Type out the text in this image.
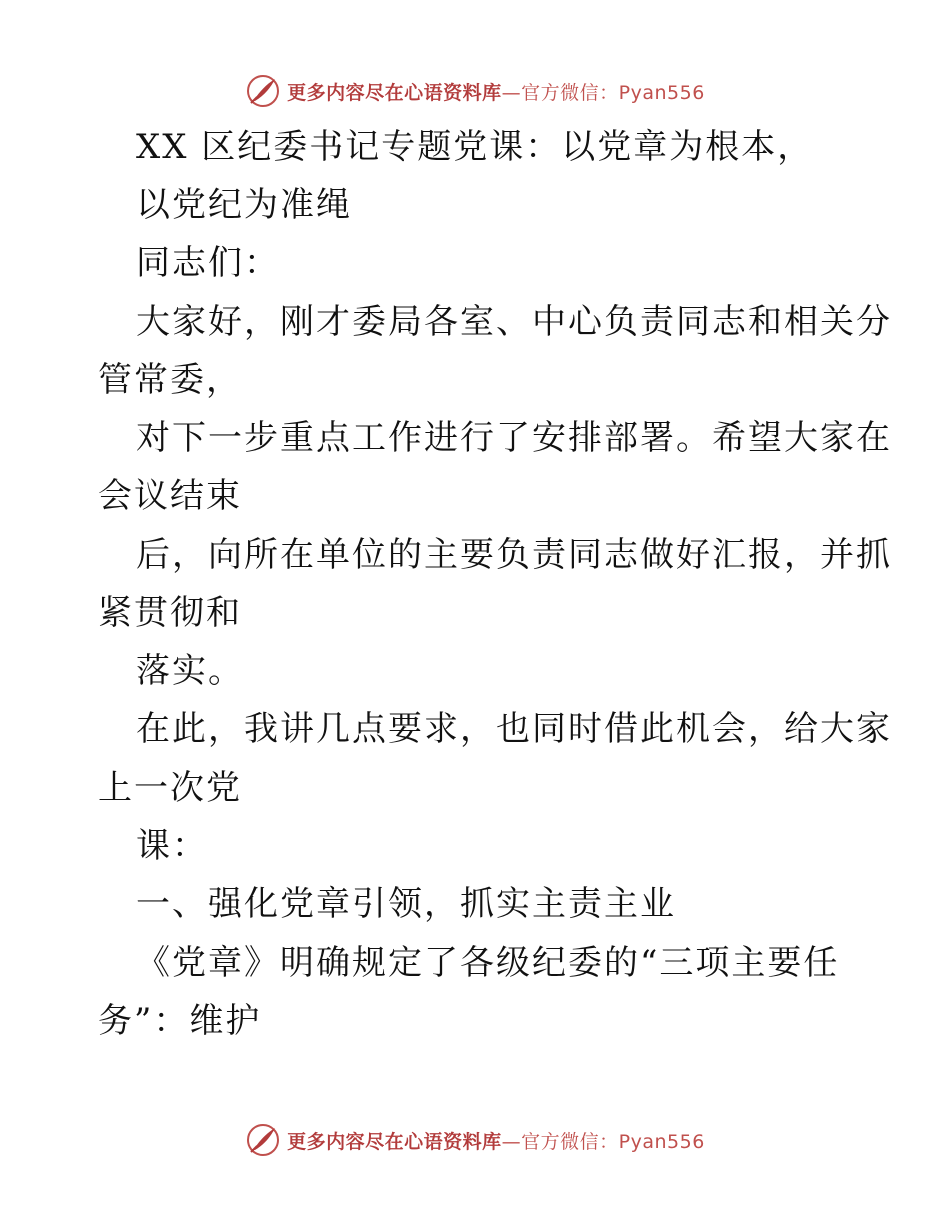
更多内容尽在心语资料库—官方微信：Pyan556
XX 区纪委书记专题党课：以党章为根本，
以党纪为准绳
同志们：
大家好，刚才委局各室、中心负责同志和相关分
管常委，
对下一步重点工作进行了安排部署。希望大家在
会议结束
后，向所在单位的主要负责同志做好汇报，并抓
紧贯彻和
落实。
在此，我讲几点要求，也同时借此机会，给大家
上一次党
课：
一、强化党章引领，抓实主责主业
《党章》明确规定了各级纪委的“三项主要任
务”：维护
更多内容尽在心语资料库—官方微信：Pyan556
